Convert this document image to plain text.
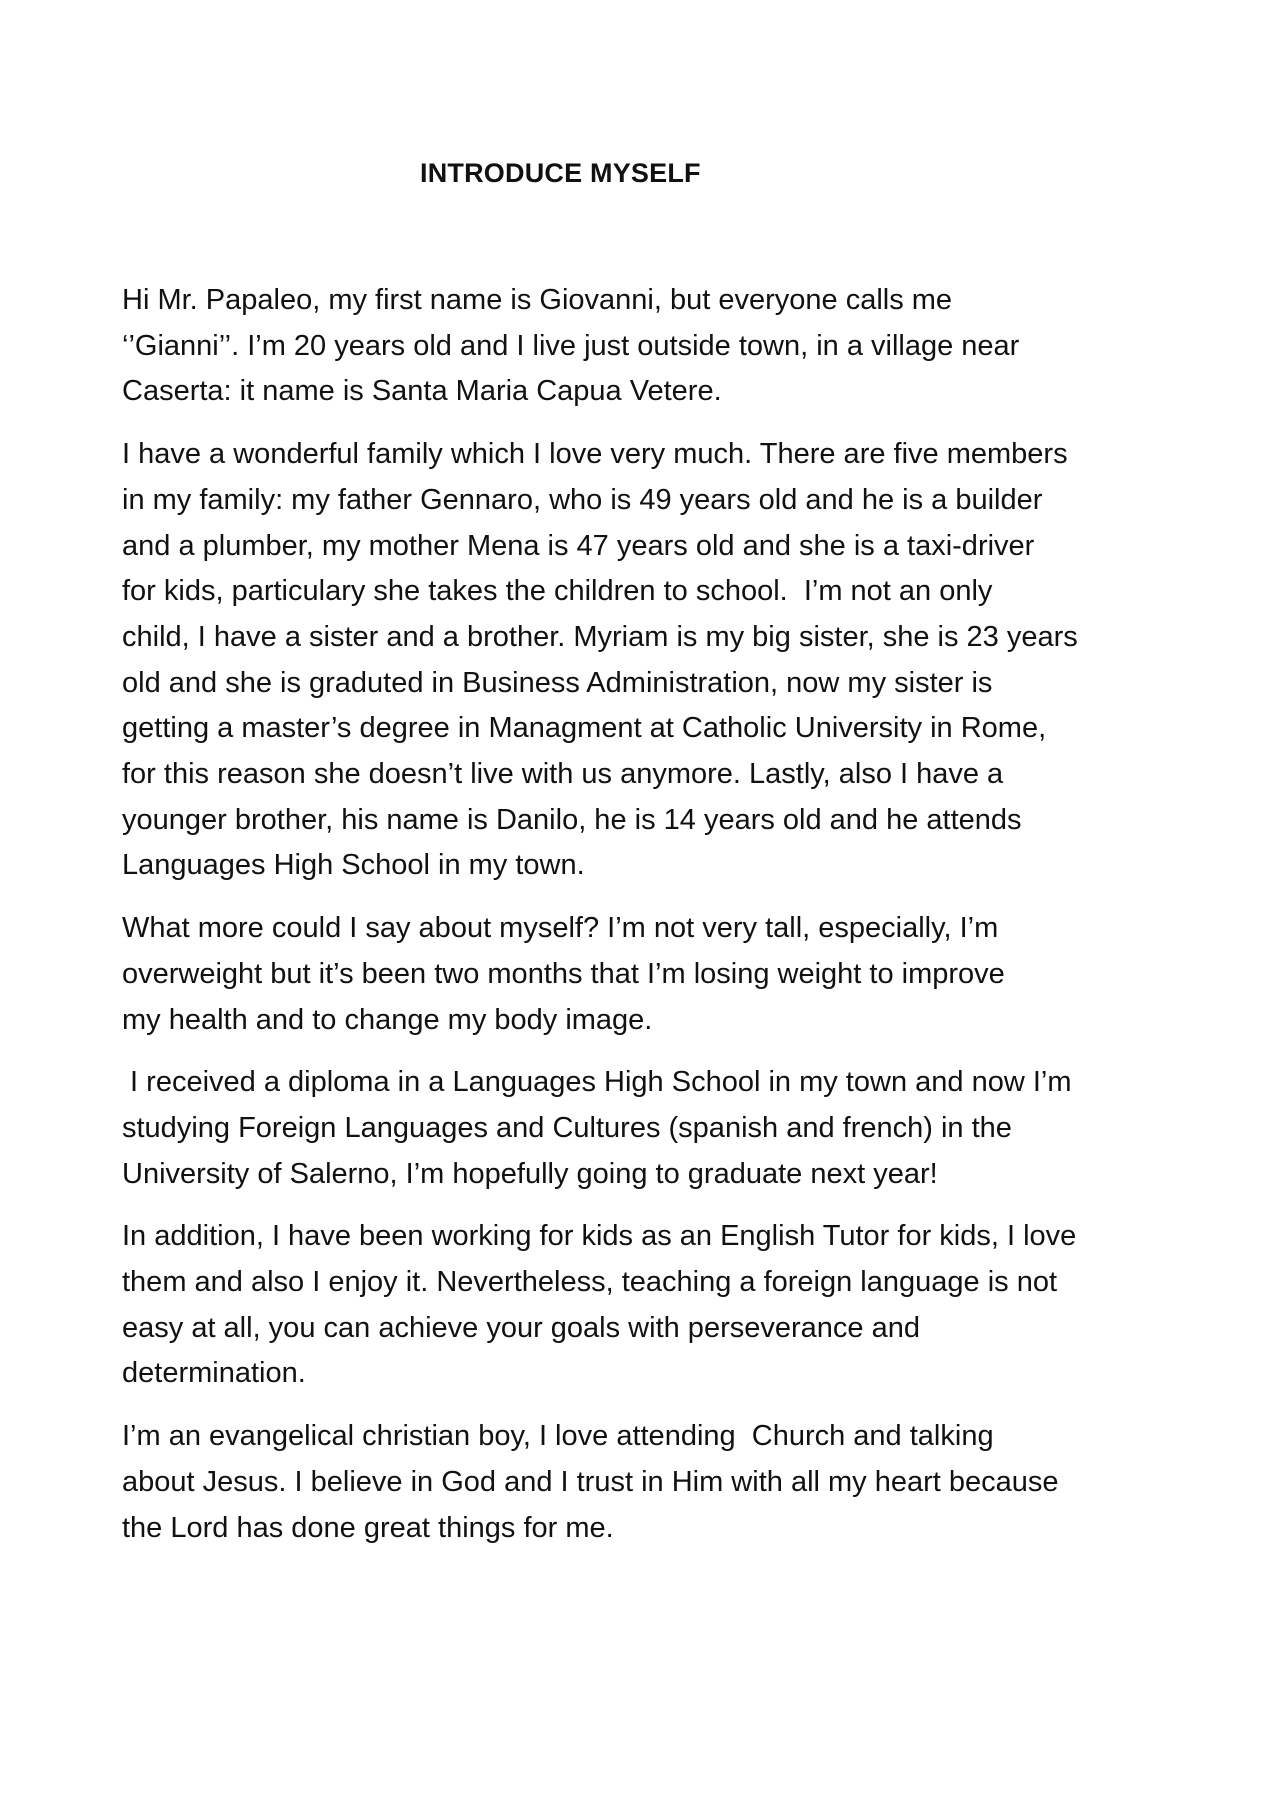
INTRODUCE MYSELF

Hi Mr. Papaleo, my first name is Giovanni, but everyone calls me
‘’Gianni’’. I’m 20 years old and I live just outside town, in a village near
Caserta: it name is Santa Maria Capua Vetere.

I have a wonderful family which I love very much. There are five members
in my family: my father Gennaro, who is 49 years old and he is a builder
and a plumber, my mother Mena is 47 years old and she is a taxi-driver
for kids, particulary she takes the children to school.  I’m not an only
child, I have a sister and a brother. Myriam is my big sister, she is 23 years
old and she is graduted in Business Administration, now my sister is
getting a master’s degree in Managment at Catholic University in Rome,
for this reason she doesn’t live with us anymore. Lastly, also I have a
younger brother, his name is Danilo, he is 14 years old and he attends
Languages High School in my town.

What more could I say about myself? I’m not very tall, especially, I’m
overweight but it’s been two months that I’m losing weight to improve
my health and to change my body image.

I received a diploma in a Languages High School in my town and now I’m
studying Foreign Languages and Cultures (spanish and french) in the
University of Salerno, I’m hopefully going to graduate next year!

In addition, I have been working for kids as an English Tutor for kids, I love
them and also I enjoy it. Nevertheless, teaching a foreign language is not
easy at all, you can achieve your goals with perseverance and
determination.

I’m an evangelical christian boy, I love attending  Church and talking
about Jesus. I believe in God and I trust in Him with all my heart because
the Lord has done great things for me.
